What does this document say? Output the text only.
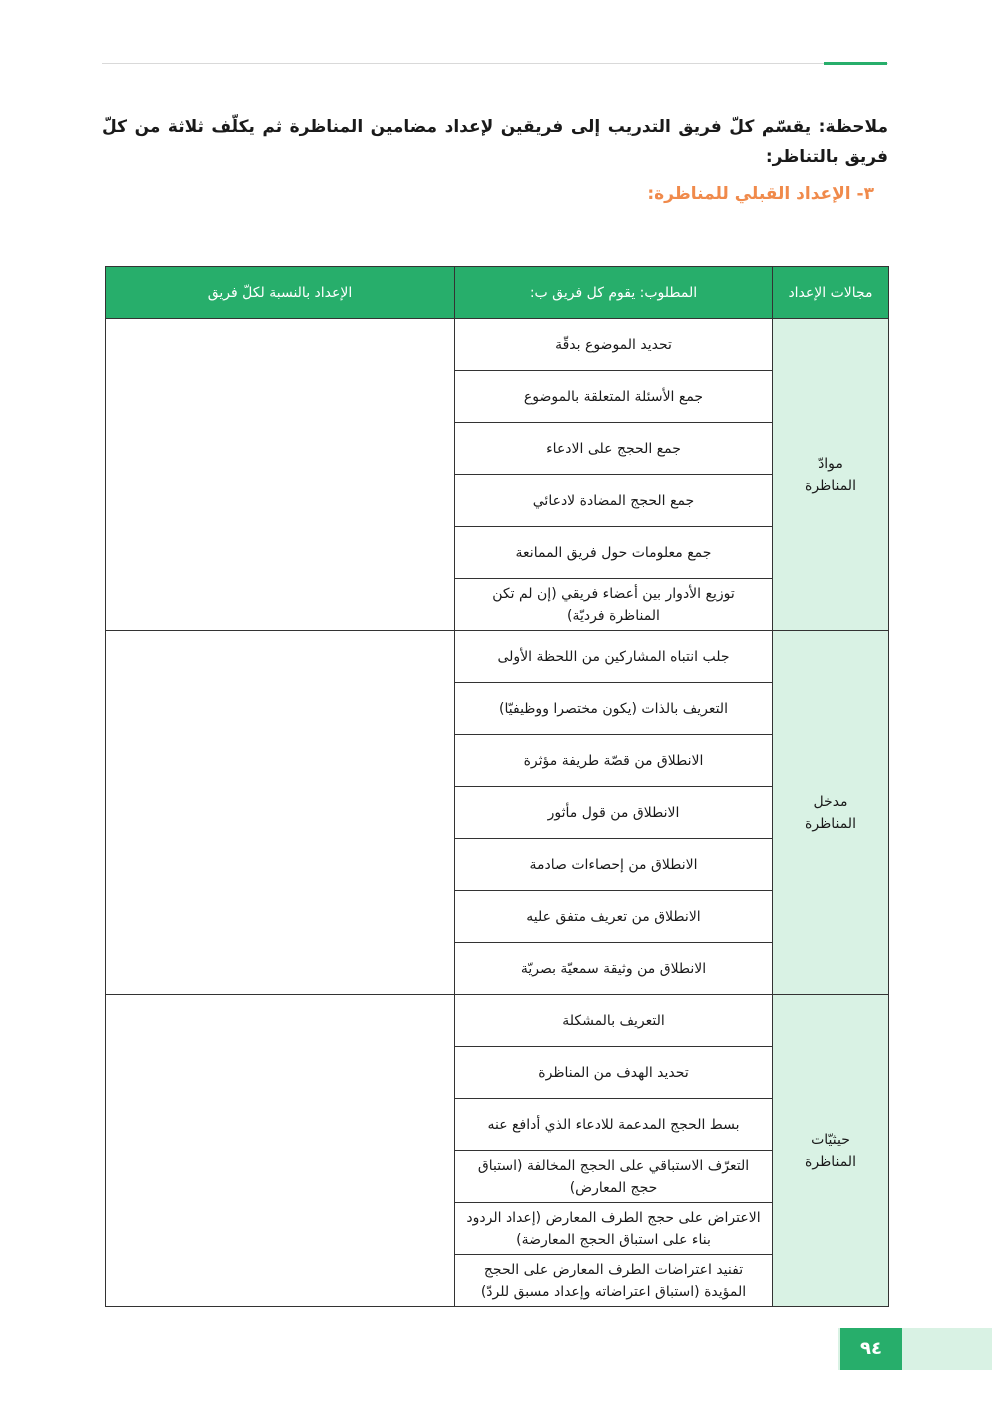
ملاحظة: يقسّم كلّ فريق التدريب إلى فريقين لإعداد مضامين المناظرة ثم يكلّف ثلاثة من كلّ فريق بالتناظر:
٣- الإعداد القبلي للمناظرة:
مجالات الإعداد	المطلوب: يقوم كل فريق ب:	الإعداد بالنسبة لكلّ فريق

موادّ المناظرة	تحديد الموضوع بدقّة	
	جمع الأسئلة المتعلقة بالموضوع	
	جمع الحجج على الادعاء	
	جمع الحجج المضادة لادعائي	
	جمع معلومات حول فريق الممانعة	
	توزيع الأدوار بين أعضاء فريقي (إن لم تكن المناظرة فرديّة)	

مدخل المناظرة	جلب انتباه المشاركين من اللحظة الأولى	
	التعريف بالذات (يكون مختصرا ووظيفيّا)	
	الانطلاق من قصّة طريفة مؤثرة	
	الانطلاق من قول مأثور	
	الانطلاق من إحصاءات صادمة	
	الانطلاق من تعريف متفق عليه	
	الانطلاق من وثيقة سمعيّة بصريّة	

حيثيّات المناظرة	التعريف بالمشكلة	
	تحديد الهدف من المناظرة	
	بسط الحجج المدعمة للادعاء الذي أدافع عنه	
	التعرّف الاستباقي على الحجج المخالفة (استباق حجج المعارض)	
	الاعتراض على حجج الطرف المعارض (إعداد الردود بناء على استباق الحجج المعارضة)	
	تفنيد اعتراضات الطرف المعارض على الحجج المؤيدة (استباق اعتراضاته وإعداد مسبق للردّ)	
٩٤
